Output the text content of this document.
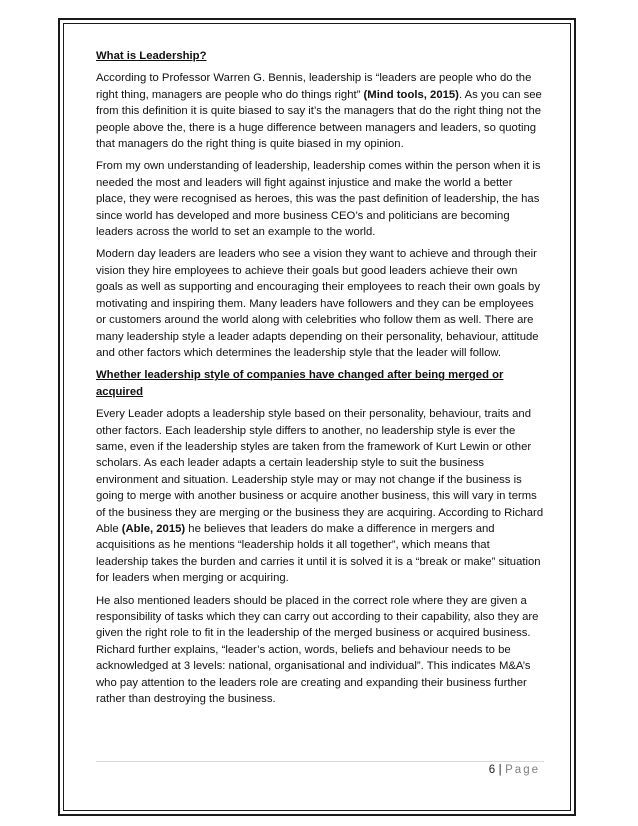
What is Leadership?

According to Professor Warren G. Bennis, leadership is “leaders are people who do the right thing, managers are people who do things right” (Mind tools, 2015). As you can see from this definition it is quite biased to say it’s the managers that do the right thing not the people above the, there is a huge difference between managers and leaders, so quoting that managers do the right thing is quite biased in my opinion.

From my own understanding of leadership, leadership comes within the person when it is needed the most and leaders will fight against injustice and make the world a better place, they were recognised as heroes, this was the past definition of leadership, the has since world has developed and more business CEO’s and politicians are becoming leaders across the world to set an example to the world.

Modern day leaders are leaders who see a vision they want to achieve and through their vision they hire employees to achieve their goals but good leaders achieve their own goals as well as supporting and encouraging their employees to reach their own goals by motivating and inspiring them. Many leaders have followers and they can be employees or customers around the world along with celebrities who follow them as well. There are many leadership style a leader adapts depending on their personality, behaviour, attitude and other factors which determines the leadership style that the leader will follow.

Whether leadership style of companies have changed after being merged or acquired

Every Leader adopts a leadership style based on their personality, behaviour, traits and other factors. Each leadership style differs to another, no leadership style is ever the same, even if the leadership styles are taken from the framework of Kurt Lewin or other scholars. As each leader adapts a certain leadership style to suit the business environment and situation. Leadership style may or may not change if the business is going to merge with another business or acquire another business, this will vary in terms of the business they are merging or the business they are acquiring. According to Richard Able (Able, 2015) he believes that leaders do make a difference in mergers and acquisitions as he mentions “leadership holds it all together”, which means that leadership takes the burden and carries it until it is solved it is a “break or make” situation for leaders when merging or acquiring.

He also mentioned leaders should be placed in the correct role where they are given a responsibility of tasks which they can carry out according to their capability, also they are given the right role to fit in the leadership of the merged business or acquired business. Richard further explains, “leader’s action, words, beliefs and behaviour needs to be acknowledged at 3 levels: national, organisational and individual”. This indicates M&A’s who pay attention to the leaders role are creating and expanding their business further rather than destroying the business.

6 | Page
